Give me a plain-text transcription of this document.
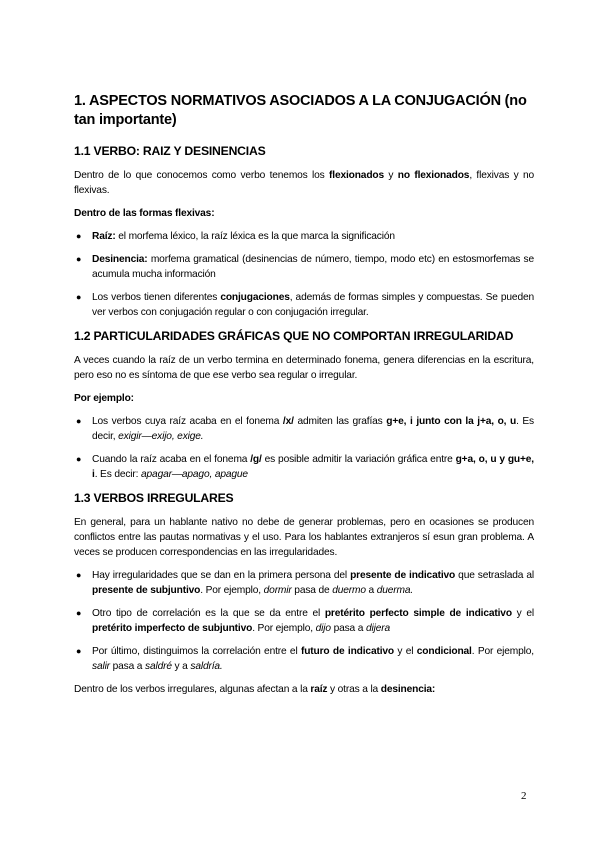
1. ASPECTOS NORMATIVOS ASOCIADOS A LA CONJUGACIÓN (no tan importante)
1.1 VERBO: RAIZ Y DESINENCIAS

Dentro de lo que conocemos como verbo tenemos los flexionados y no flexionados, flexivas y no flexivas.

Dentro de las formas flexivas:

● Raíz: el morfema léxico, la raíz léxica es la que marca la significación
● Desinencia: morfema gramatical (desinencias de número, tiempo, modo etc) en estosmorfemas se acumula mucha información
● Los verbos tienen diferentes conjugaciones, además de formas simples y compuestas. Se pueden ver verbos con conjugación regular o con conjugación irregular.
1.2 PARTICULARIDADES GRÁFICAS QUE NO COMPORTAN IRREGULARIDAD

A veces cuando la raíz de un verbo termina en determinado fonema, genera diferencias en la escritura, pero eso no es síntoma de que ese verbo sea regular o irregular.

Por ejemplo:

● Los verbos cuya raíz acaba en el fonema /x/ admiten las grafías g+e, i junto con la j+a, o, u. Es decir, exigir—exijo, exige.
● Cuando la raíz acaba en el fonema /g/ es posible admitir la variación gráfica entre g+a, o, u y gu+e, i. Es decir: apagar—apago, apague
1.3 VERBOS IRREGULARES

En general, para un hablante nativo no debe de generar problemas, pero en ocasiones se producen conflictos entre las pautas normativas y el uso. Para los hablantes extranjeros sí esun gran problema. A veces se producen correspondencias en las irregularidades.

● Hay irregularidades que se dan en la primera persona del presente de indicativo que setraslada al presente de subjuntivo. Por ejemplo, dormir pasa de duermo a duerma.
● Otro tipo de correlación es la que se da entre el pretérito perfecto simple de indicativo y el pretérito imperfecto de subjuntivo. Por ejemplo, dijo pasa a dijera
● Por último, distinguimos la correlación entre el futuro de indicativo y el condicional. Por ejemplo, salir pasa a saldré y a saldría.

Dentro de los verbos irregulares, algunas afectan a la raíz y otras a la desinencia:

2
